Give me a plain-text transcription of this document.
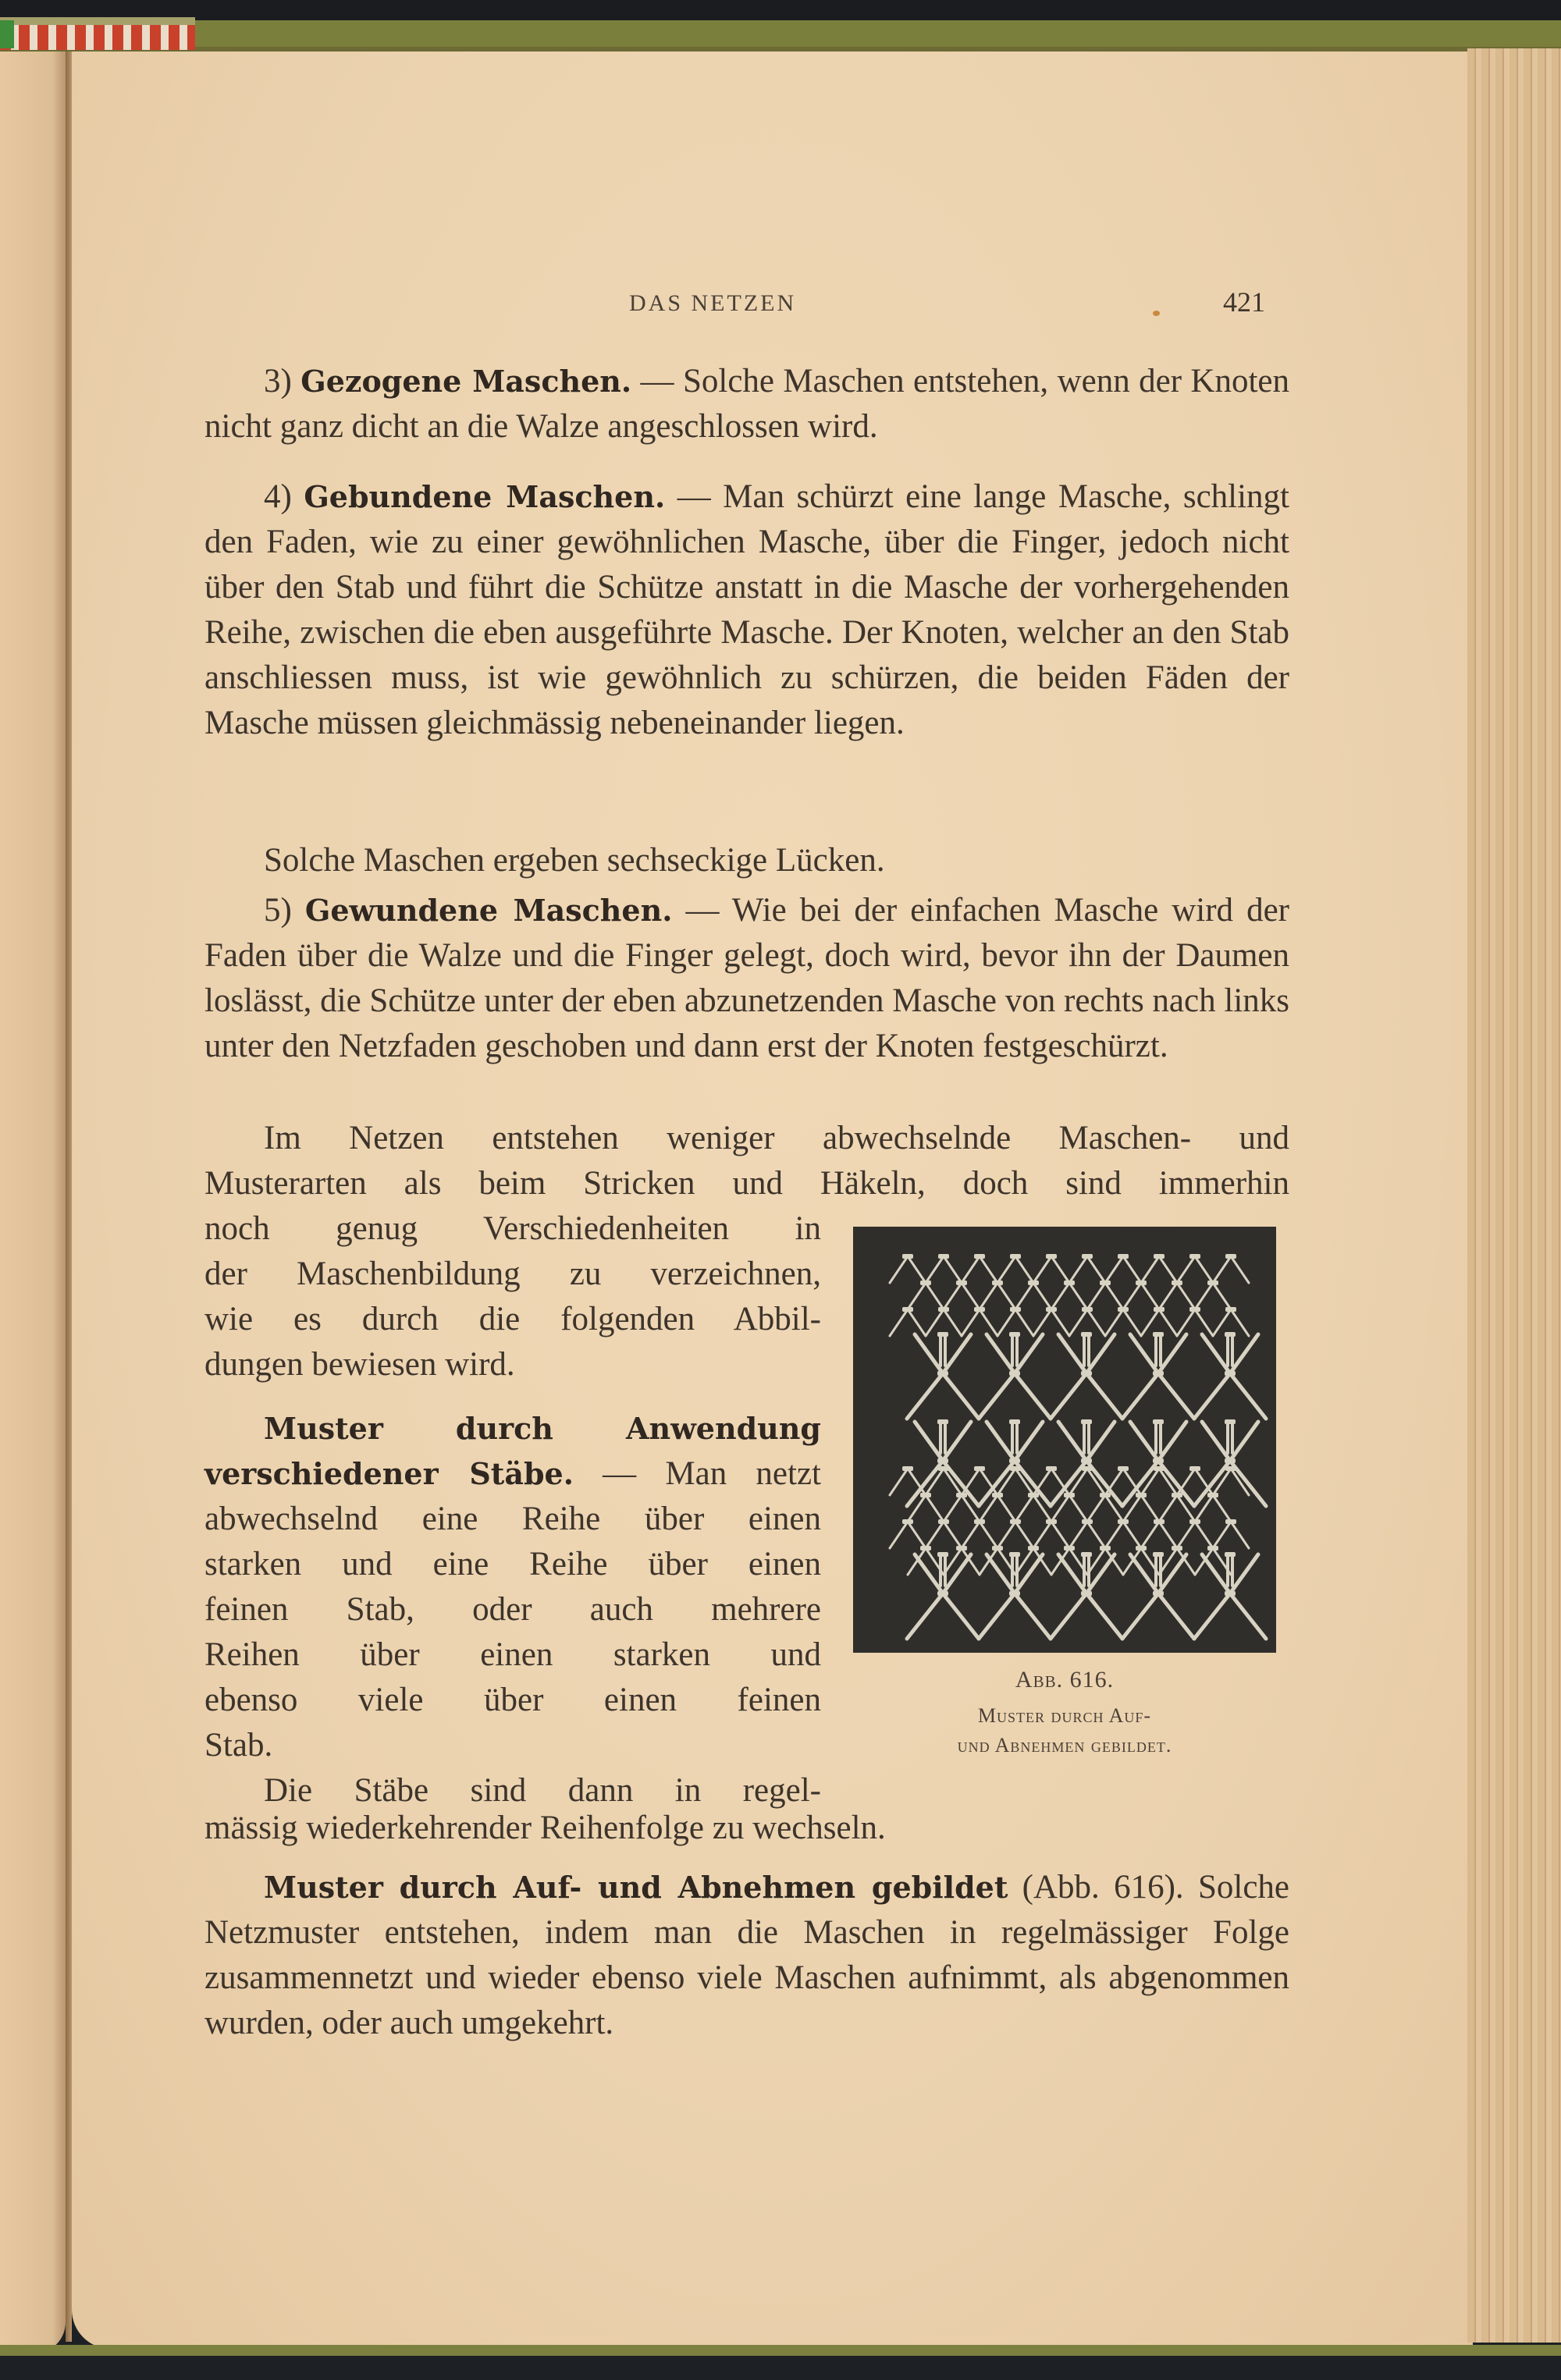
DAS NETZEN	421

3) Gezogene Maschen. — Solche Maschen entstehen, wenn der Knoten nicht ganz dicht an die Walze angeschlossen wird.

4) Gebundene Maschen. — Man schürzt eine lange Masche, schlingt den Faden, wie zu einer gewöhnlichen Masche, über die Finger, jedoch nicht über den Stab und führt die Schütze anstatt in die Masche der vorhergehenden Reihe, zwischen die eben ausgeführte Masche. Der Knoten, welcher an den Stab anschliessen muss, ist wie gewöhnlich zu schürzen, die beiden Fäden der Masche müssen gleichmässig nebeneinander liegen.

Solche Maschen ergeben sechseckige Lücken.

5) Gewundene Maschen. — Wie bei der einfachen Masche wird der Faden über die Walze und die Finger gelegt, doch wird, bevor ihn der Daumen loslässt, die Schütze unter der eben abzunetzenden Masche von rechts nach links unter den Netzfaden geschoben und dann erst der Knoten festgeschürzt.

Im Netzen entstehen weniger abwechselnde Maschen- und

Musterarten als beim Stricken und Häkeln, doch sind immerhin

noch genug Verschiedenheiten in

der Maschenbildung zu verzeichnen,

wie es durch die folgenden Abbil-

dungen bewiesen wird.

Muster durch Anwendung

verschiedener Stäbe. — Man netzt

abwechselnd eine Reihe über einen

starken und eine Reihe über einen

feinen Stab, oder auch mehrere

Reihen über einen starken und

ebenso viele über einen feinen

Stab.

Die Stäbe sind dann in regel-

mässig wiederkehrender Reihenfolge zu wechseln.

Muster durch Auf- und Abnehmen gebildet (Abb. 616). Solche Netzmuster entstehen, indem man die Maschen in regelmässiger Folge zusammennetzt und wieder ebenso viele Maschen aufnimmt, als abgenommen wurden, oder auch umgekehrt.

Abb. 616.
Muster durch Auf-
und Abnehmen gebildet.
